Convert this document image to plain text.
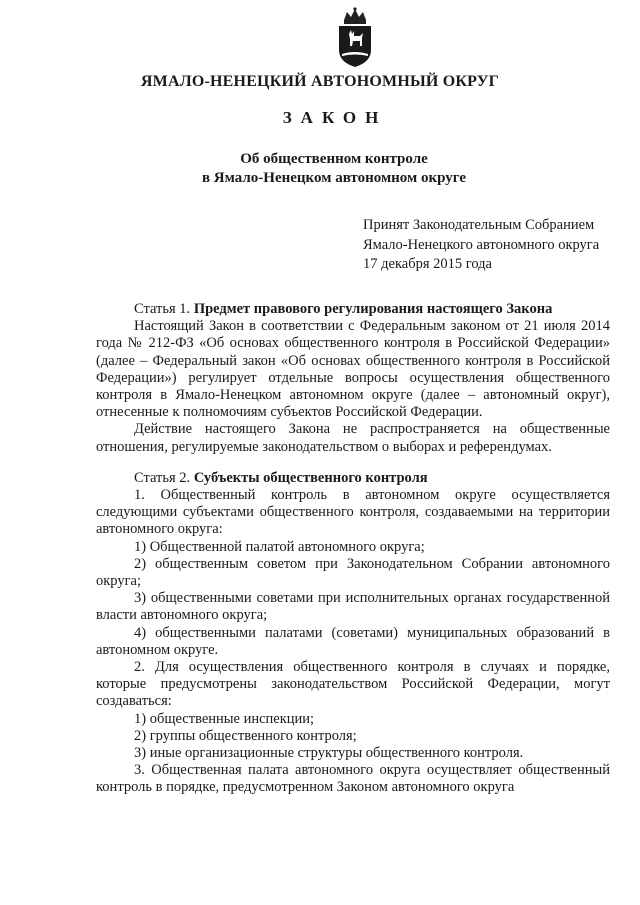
ЯМАЛО-НЕНЕЦКИЙ АВТОНОМНЫЙ ОКРУГ
ЗАКОН
Об общественном контроле
в Ямало-Ненецком автономном округе
Принят Законодательным Собранием
Ямало-Ненецкого автономного округа
17 декабря 2015 года

Статья 1. Предмет правового регулирования настоящего Закона

Настоящий Закон в соответствии с Федеральным законом от 21 июля 2014 года № 212-ФЗ «Об основах общественного контроля в Российской Федерации» (далее – Федеральный закон «Об основах общественного контроля в Российской Федерации») регулирует отдельные вопросы осуществления общественного контроля в Ямало-Ненецком автономном округе (далее – автономный округ), отнесенные к полномочиям субъектов Российской Федерации.

Действие настоящего Закона не распространяется на общественные отношения, регулируемые законодательством о выборах и референдумах.

Статья 2. Субъекты общественного контроля

1. Общественный контроль в автономном округе осуществляется следующими субъектами общественного контроля, создаваемыми на территории автономного округа:

1) Общественной палатой автономного округа;

2) общественным советом при Законодательном Собрании автономного округа;

3) общественными советами при исполнительных органах государственной власти автономного округа;

4) общественными палатами (советами) муниципальных образований в автономном округе.

2. Для осуществления общественного контроля в случаях и порядке, которые предусмотрены законодательством Российской Федерации, могут создаваться:

1) общественные инспекции;

2) группы общественного контроля;

3) иные организационные структуры общественного контроля.

3. Общественная палата автономного округа осуществляет общественный контроль в порядке, предусмотренном Законом автономного округа
